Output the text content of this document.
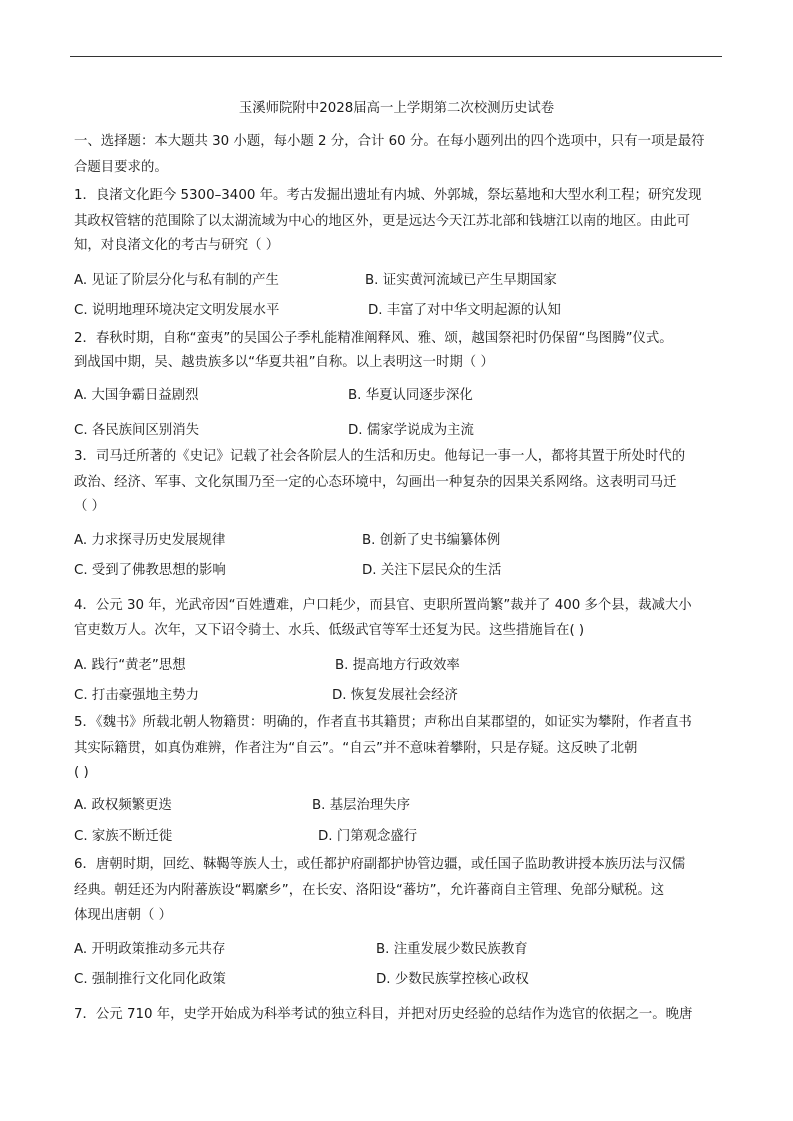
玉溪师院附中2028届高一上学期第二次校测历史试卷
一、选择题：本大题共 30 小题，每小题 2 分，合计 60 分。在每小题列出的四个选项中，只有一项是最符
合题目要求的。
1．良渚文化距今 5300–3400 年。考古发掘出遗址有内城、外郭城，祭坛墓地和大型水利工程；研究发现
其政权管辖的范围除了以太湖流域为中心的地区外，更是远达今天江苏北部和钱塘江以南的地区。由此可
知，对良渚文化的考古与研究（ ）
A. 见证了阶层分化与私有制的产生	B. 证实黄河流域已产生早期国家
C. 说明地理环境决定文明发展水平	D. 丰富了对中华文明起源的认知
2．春秋时期，自称“蛮夷”的吴国公子季札能精准阐释风、雅、颂，越国祭祀时仍保留“鸟图腾”仪式。
到战国中期，吴、越贵族多以“华夏共祖”自称。以上表明这一时期（ ）
A. 大国争霸日益剧烈	B. 华夏认同逐步深化
C. 各民族间区别消失	D. 儒家学说成为主流
3．司马迁所著的《史记》记载了社会各阶层人的生活和历史。他每记一事一人，都将其置于所处时代的
政治、经济、军事、文化氛围乃至一定的心态环境中，勾画出一种复杂的因果关系网络。这表明司马迁
（ ）
A. 力求探寻历史发展规律	B. 创新了史书编纂体例
C. 受到了佛教思想的影响	D. 关注下层民众的生活
4．公元 30 年，光武帝因“百姓遭难，户口耗少，而县官、吏职所置尚繁”裁并了 400 多个县，裁减大小
官吏数万人。次年，又下诏令骑士、水兵、低级武官等军士还复为民。这些措施旨在( )
A. 践行“黄老”思想	B. 提高地方行政效率
C. 打击豪强地主势力	D. 恢复发展社会经济
5．《魏书》所载北朝人物籍贯：明确的，作者直书其籍贯；声称出自某郡望的，如证实为攀附，作者直书
其实际籍贯，如真伪难辨，作者注为“自云”。“自云”并不意味着攀附，只是存疑。这反映了北朝
( )
A. 政权频繁更迭	B. 基层治理失序
C. 家族不断迁徙	D. 门第观念盛行
6．唐朝时期，回纥、靺鞨等族人士，或任都护府副都护协管边疆，或任国子监助教讲授本族历法与汉儒
经典。朝廷还为内附蕃族设“羁縻乡”，在长安、洛阳设“蕃坊”，允许蕃商自主管理、免部分赋税。这
体现出唐朝（ ）
A. 开明政策推动多元共存	B. 注重发展少数民族教育
C. 强制推行文化同化政策	D. 少数民族掌控核心政权
7．公元 710 年，史学开始成为科举考试的独立科目，并把对历史经验的总结作为选官的依据之一。晚唐
